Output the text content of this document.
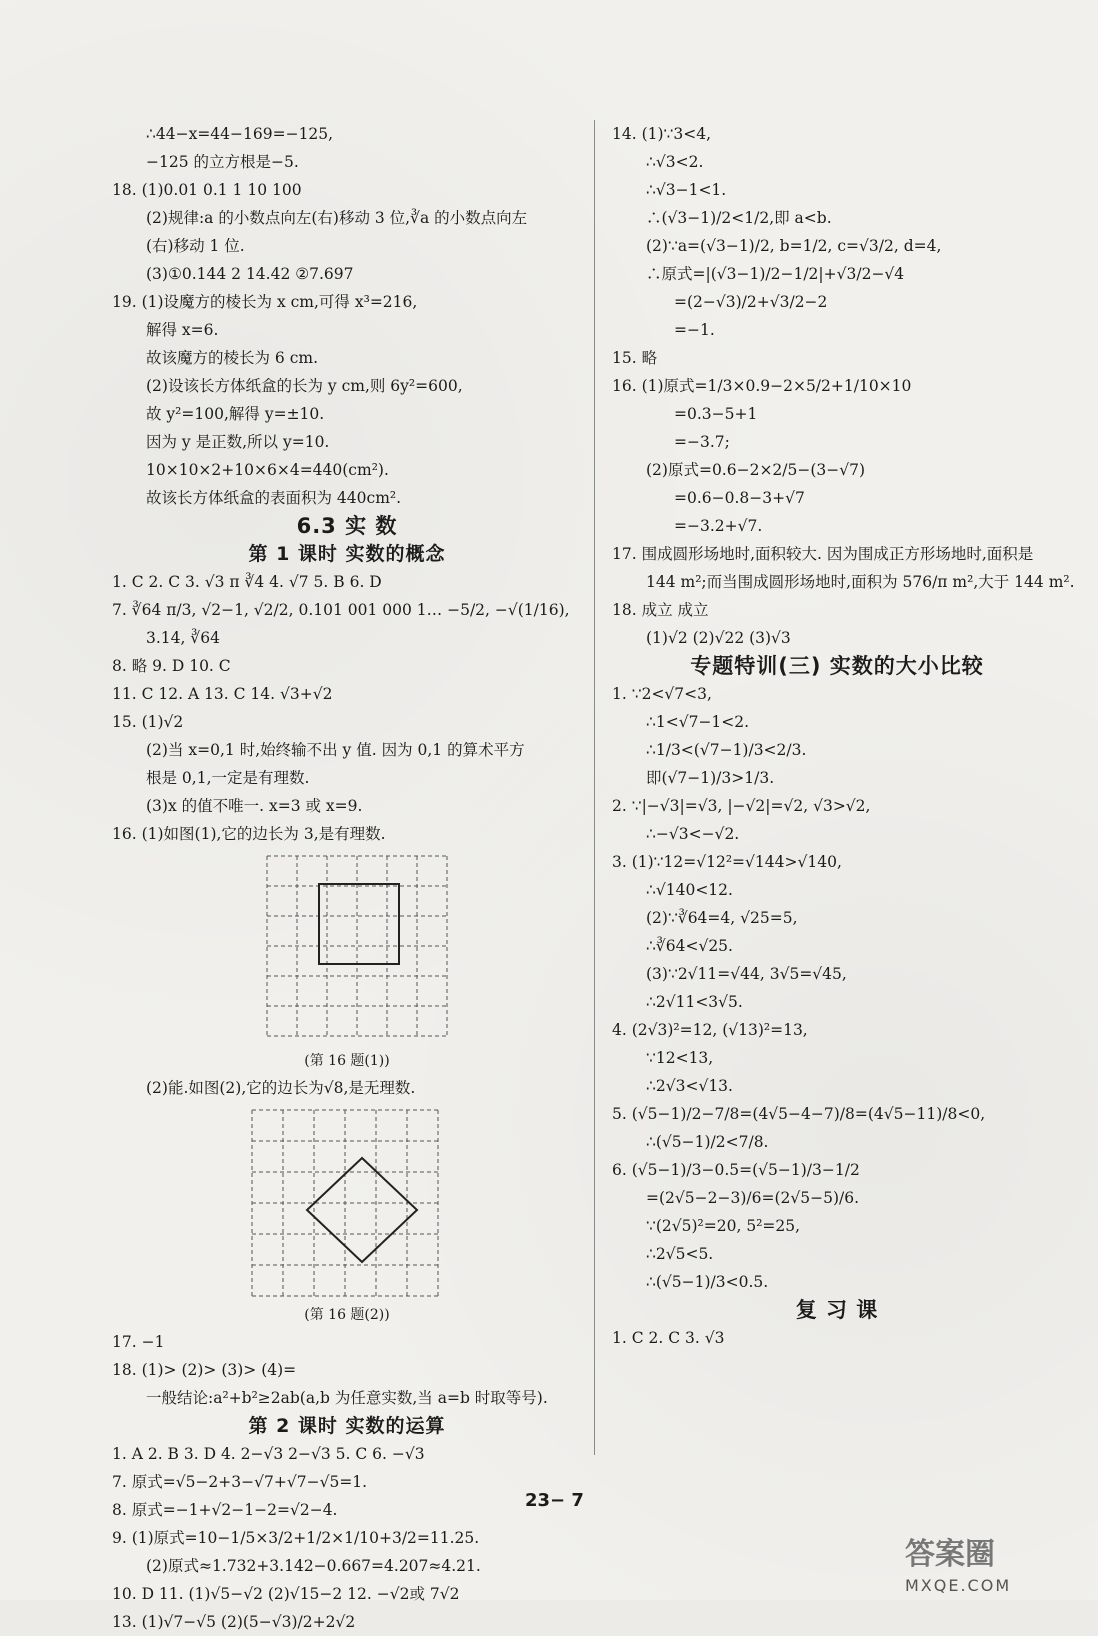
∴44−x=44−169=−125,
−125 的立方根是−5.
18. (1)0.01 0.1 1 10 100
(2)规律:a 的小数点向左(右)移动 3 位,∛a 的小数点向左
(右)移动 1 位.
(3)①0.144 2 14.42 ②7.697
19. (1)设魔方的棱长为 x cm,可得 x³=216,
解得 x=6.
故该魔方的棱长为 6 cm.
(2)设该长方体纸盒的长为 y cm,则 6y²=600,
故 y²=100,解得 y=±10.
因为 y 是正数,所以 y=10.
10×10×2+10×6×4=440(cm²).
故该长方体纸盒的表面积为 440cm².
6.3 实 数
第 1 课时 实数的概念
1. C 2. C 3. √3 π ∛4 4. √7 5. B 6. D
7. ∛64 π/3, √2−1, √2/2, 0.101 001 000 1… −5/2, −√(1/16),
3.14, ∛64
8. 略 9. D 10. C
11. C 12. A 13. C 14. √3+√2
15. (1)√2
(2)当 x=0,1 时,始终输不出 y 值. 因为 0,1 的算术平方
根是 0,1,一定是有理数.
(3)x 的值不唯一. x=3 或 x=9.
16. (1)如图(1),它的边长为 3,是有理数.
(第 16 题(1))
(2)能.如图(2),它的边长为√8,是无理数.
(第 16 题(2))
17. −1
18. (1)> (2)> (3)> (4)=
一般结论:a²+b²≥2ab(a,b 为任意实数,当 a=b 时取等号).
第 2 课时 实数的运算
1. A 2. B 3. D 4. 2−√3 2−√3 5. C 6. −√3
7. 原式=√5−2+3−√7+√7−√5=1.
8. 原式=−1+√2−1−2=√2−4.
9. (1)原式=10−1/5×3/2+1/2×1/10+3/2=11.25.
(2)原式≈1.732+3.142−0.667=4.207≈4.21.
10. D 11. (1)√5−√2 (2)√15−2 12. −√2或 7√2
13. (1)√7−√5 (2)(5−√3)/2+2√2
14. (1)∵3<4,
∴√3<2.
∴√3−1<1.
∴(√3−1)/2<1/2,即 a<b.
(2)∵a=(√3−1)/2, b=1/2, c=√3/2, d=4,
∴原式=|(√3−1)/2−1/2|+√3/2−√4
=(2−√3)/2+√3/2−2
=−1.
15. 略
16. (1)原式=1/3×0.9−2×5/2+1/10×10
=0.3−5+1
=−3.7;
(2)原式=0.6−2×2/5−(3−√7)
=0.6−0.8−3+√7
=−3.2+√7.
17. 围成圆形场地时,面积较大. 因为围成正方形场地时,面积是
144 m²;而当围成圆形场地时,面积为 576/π m²,大于 144 m².
18. 成立 成立
(1)√2 (2)√22 (3)√3
专题特训(三) 实数的大小比较
1. ∵2<√7<3,
∴1<√7−1<2.
∴1/3<(√7−1)/3<2/3.
即(√7−1)/3>1/3.
2. ∵|−√3|=√3, |−√2|=√2, √3>√2,
∴−√3<−√2.
3. (1)∵12=√12²=√144>√140,
∴√140<12.
(2)∵∛64=4, √25=5,
∴∛64<√25.
(3)∵2√11=√44, 3√5=√45,
∴2√11<3√5.
4. (2√3)²=12, (√13)²=13,
∵12<13,
∴2√3<√13.
5. (√5−1)/2−7/8=(4√5−4−7)/8=(4√5−11)/8<0,
∴(√5−1)/2<7/8.
6. (√5−1)/3−0.5=(√5−1)/3−1/2
=(2√5−2−3)/6=(2√5−5)/6.
∵(2√5)²=20, 5²=25,
∴2√5<5.
∴(√5−1)/3<0.5.
复 习 课
1. C 2. C 3. √3
23− 7
答案圈
MXQE.COM
